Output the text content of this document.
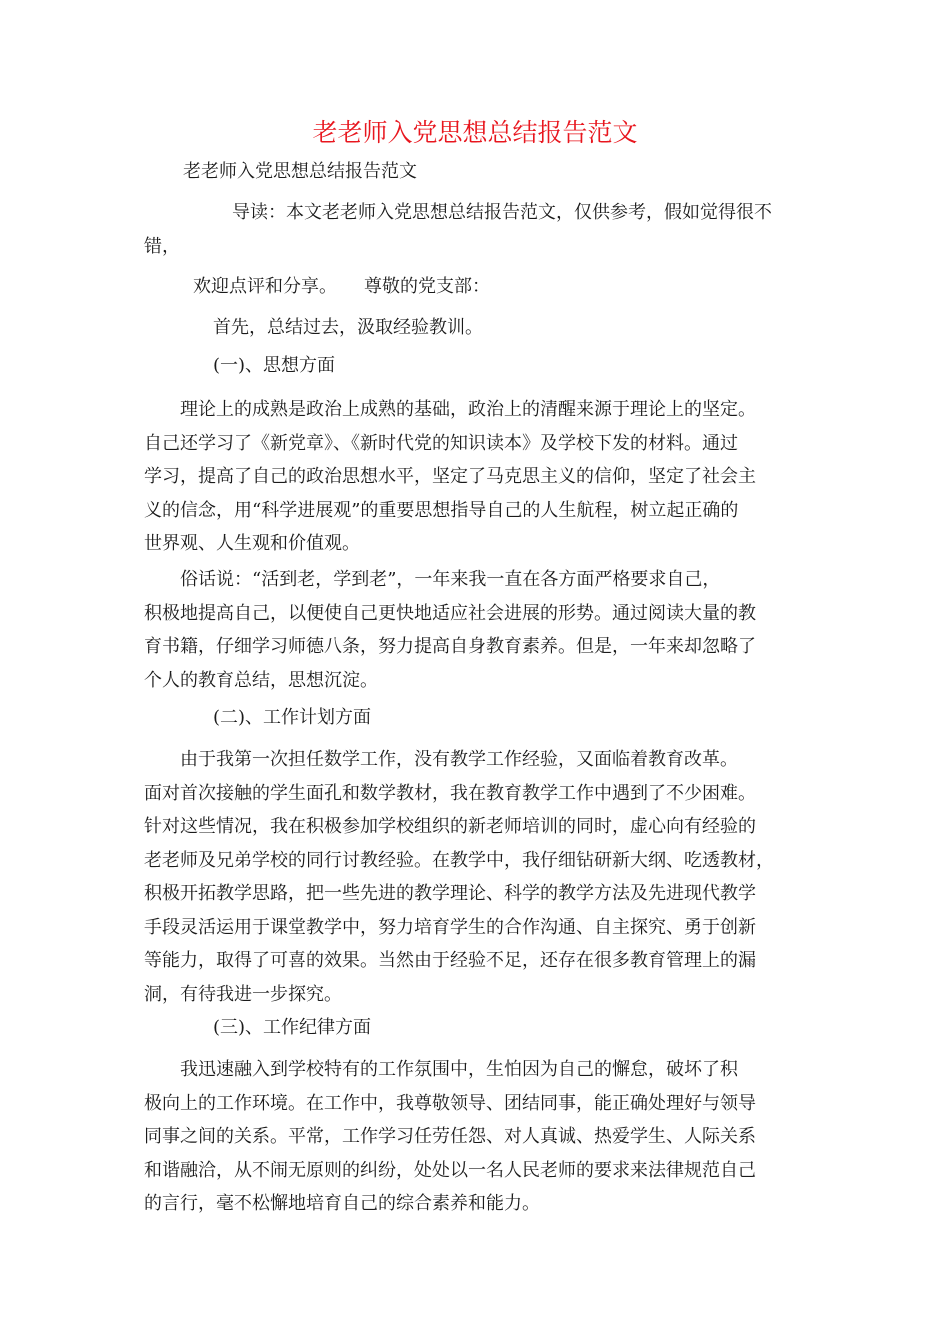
老老师入党思想总结报告范文
老老师入党思想总结报告范文
导读：本文老老师入党思想总结报告范文，仅供参考，假如觉得很不
错，
欢迎点评和分享。　　尊敬的党支部：
首先，总结过去，汲取经验教训。
(一)、思想方面
　　理论上的成熟是政治上成熟的基础，政治上的清醒来源于理论上的坚定。
自己还学习了《新党章》、《新时代党的知识读本》及学校下发的材料。通过
学习，提高了自己的政治思想水平，坚定了马克思主义的信仰，坚定了社会主
义的信念，用“科学进展观”的重要思想指导自己的人生航程，树立起正确的
世界观、人生观和价值观。
　　俗话说：“活到老，学到老”，一年来我一直在各方面严格要求自己，
积极地提高自己，以便使自己更快地适应社会进展的形势。通过阅读大量的教
育书籍，仔细学习师德八条，努力提高自身教育素养。但是，一年来却忽略了
个人的教育总结，思想沉淀。
(二)、工作计划方面
　　由于我第一次担任数学工作，没有教学工作经验，又面临着教育改革。
面对首次接触的学生面孔和数学教材，我在教育教学工作中遇到了不少困难。
针对这些情况，我在积极参加学校组织的新老师培训的同时，虚心向有经验的
老老师及兄弟学校的同行讨教经验。在教学中，我仔细钻研新大纲、吃透教材，
积极开拓教学思路，把一些先进的教学理论、科学的教学方法及先进现代教学
手段灵活运用于课堂教学中，努力培育学生的合作沟通、自主探究、勇于创新
等能力，取得了可喜的效果。当然由于经验不足，还存在很多教育管理上的漏
洞，有待我进一步探究。
(三)、工作纪律方面
　　我迅速融入到学校特有的工作氛围中，生怕因为自己的懈怠，破坏了积
极向上的工作环境。在工作中，我尊敬领导、团结同事，能正确处理好与领导
同事之间的关系。平常，工作学习任劳任怨、对人真诚、热爱学生、人际关系
和谐融洽，从不闹无原则的纠纷，处处以一名人民老师的要求来法律规范自己
的言行，毫不松懈地培育自己的综合素养和能力。
